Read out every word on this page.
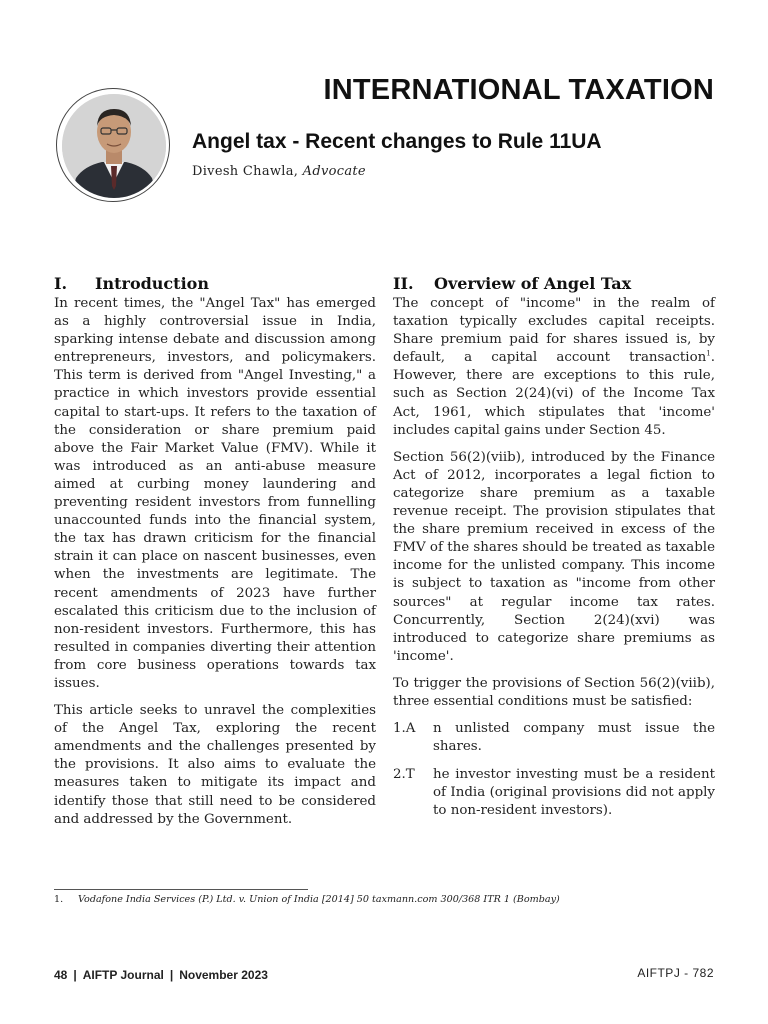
INTERNATIONAL TAXATION
Angel tax - Recent changes to Rule 11UA
Divesh Chawla, Advocate
I. Introduction

In recent times, the "Angel Tax" has emerged as a highly controversial issue in India, sparking intense debate and discussion among entrepreneurs, investors, and policymakers. This term is derived from "Angel Investing," a practice in which investors provide essential capital to start-ups. It refers to the taxation of the consideration or share premium paid above the Fair Market Value (FMV). While it was introduced as an anti-abuse measure aimed at curbing money laundering and preventing resident investors from funnelling unaccounted funds into the financial system, the tax has drawn criticism for the financial strain it can place on nascent businesses, even when the investments are legitimate. The recent amendments of 2023 have further escalated this criticism due to the inclusion of non-resident investors. Furthermore, this has resulted in companies diverting their attention from core business operations towards tax issues.

This article seeks to unravel the complexities of the Angel Tax, exploring the recent amendments and the challenges presented by the provisions. It also aims to evaluate the measures taken to mitigate its impact and identify those that still need to be considered and addressed by the Government.

II. Overview of Angel Tax

The concept of "income" in the realm of taxation typically excludes capital receipts. Share premium paid for shares issued is, by default, a capital account transaction$^1$. However, there are exceptions to this rule, such as Section 2(24)(vi) of the Income Tax Act, 1961, which stipulates that 'income' includes capital gains under Section 45.

Section 56(2)(viib), introduced by the Finance Act of 2012, incorporates a legal fiction to categorize share premium as a taxable revenue receipt. The provision stipulates that the share premium received in excess of the FMV of the shares should be treated as taxable income for the unlisted company. This income is subject to taxation as "income from other sources" at regular income tax rates. Concurrently, Section 2(24)(xvi) was introduced to categorize share premiums as 'income'.

To trigger the provisions of Section 56(2)(viib), three essential conditions must be satisfied:

1.A	n unlisted company must issue the shares.
2.T	he investor investing must be a resident of India (original provisions did not apply to non-resident investors).
1. Vodafone India Services (P.) Ltd. v. Union of India [2014] 50 taxmann.com 300/368 ITR 1 (Bombay)
48 | AIFTP Journal | November 2023	AIFTPJ - 782
